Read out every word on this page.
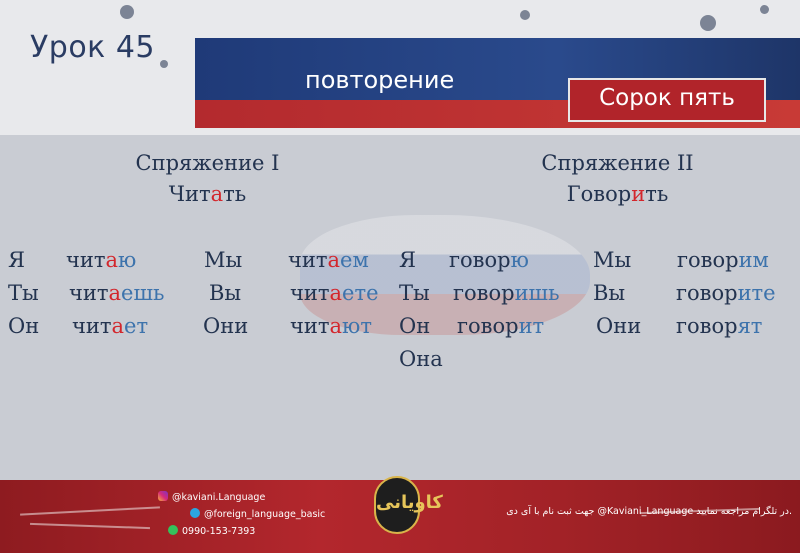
Урок 45
повторение
Сорок пять
Спряжение I
Читать
Спряжение II
Говорить
Я читаю	Мы читаем
Ты читаешь Вы читаете
Он читает	Они читают
Я говорю	Мы говорим
Ты говоришь Вы говорите
Он говорит Они говорят
Она
@kaviani.Language
@foreign_language_basic
0990-153-7393
کاویانی	جهت ثبت نام با آی دی @Kaviani_Language در تلگرام مراجعه نمایید.
